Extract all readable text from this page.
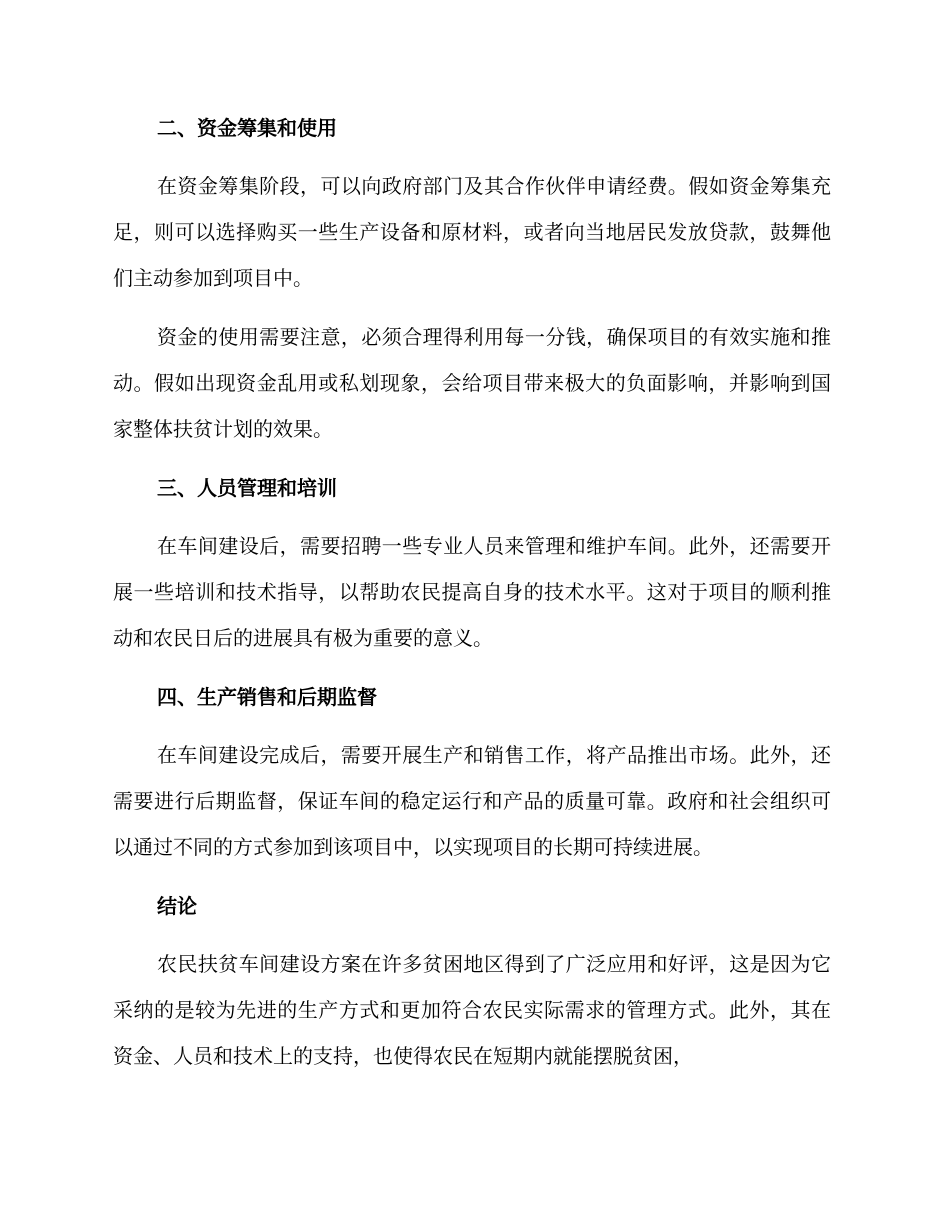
二、资金筹集和使用

在资金筹集阶段，可以向政府部门及其合作伙伴申请经费。假如资金筹集充足，则可以选择购买一些生产设备和原材料，或者向当地居民发放贷款，鼓舞他们主动参加到项目中。

资金的使用需要注意，必须合理得利用每一分钱，确保项目的有效实施和推动。假如出现资金乱用或私划现象，会给项目带来极大的负面影响，并影响到国家整体扶贫计划的效果。

三、人员管理和培训

在车间建设后，需要招聘一些专业人员来管理和维护车间。此外，还需要开展一些培训和技术指导，以帮助农民提高自身的技术水平。这对于项目的顺利推动和农民日后的进展具有极为重要的意义。

四、生产销售和后期监督

在车间建设完成后，需要开展生产和销售工作，将产品推出市场。此外，还需要进行后期监督，保证车间的稳定运行和产品的质量可靠。政府和社会组织可以通过不同的方式参加到该项目中，以实现项目的长期可持续进展。

结论

农民扶贫车间建设方案在许多贫困地区得到了广泛应用和好评，这是因为它采纳的是较为先进的生产方式和更加符合农民实际需求的管理方式。此外，其在资金、人员和技术上的支持，也使得农民在短期内就能摆脱贫困，
